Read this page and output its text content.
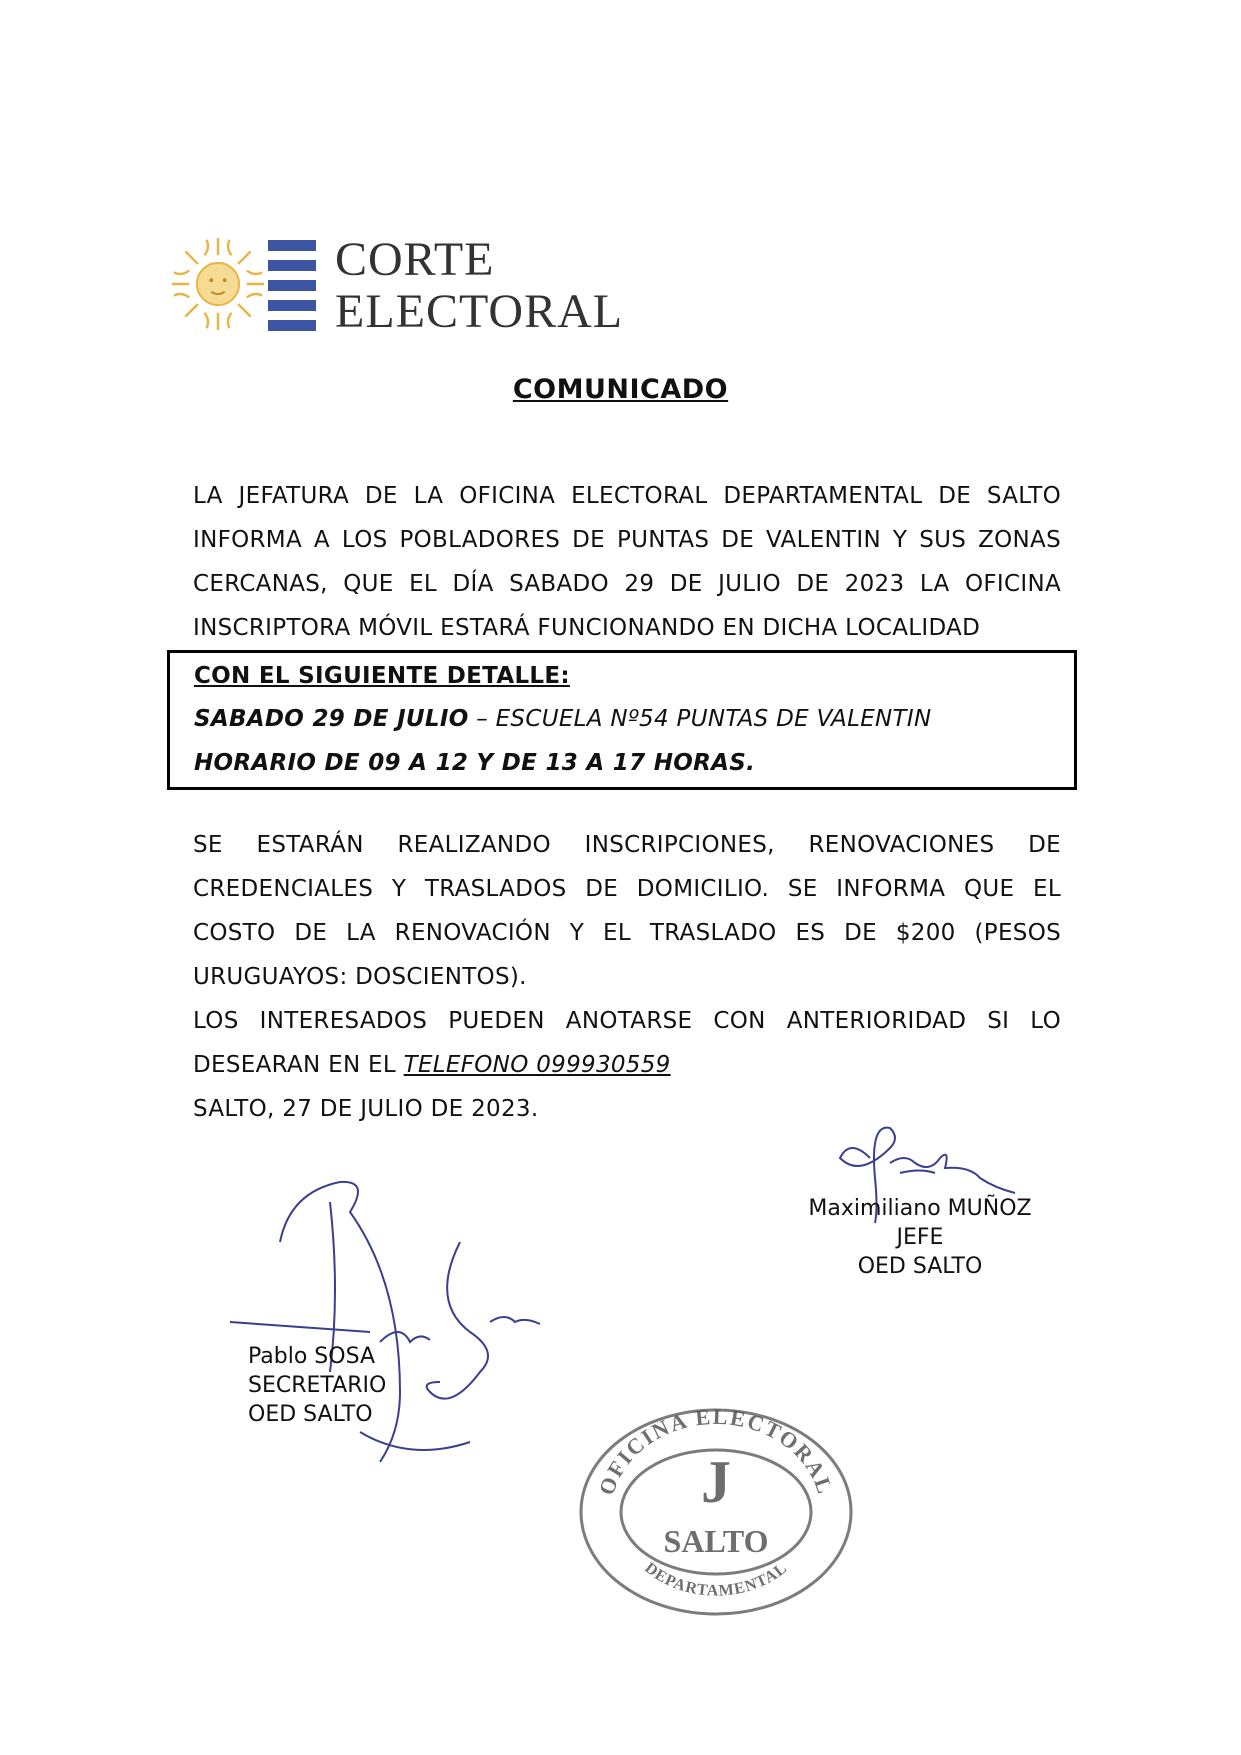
CORTE
ELECTORAL
COMUNICADO
LA JEFATURA DE LA OFICINA ELECTORAL DEPARTAMENTAL DE SALTO INFORMA A LOS POBLADORES DE PUNTAS DE VALENTIN Y SUS ZONAS CERCANAS, QUE EL DÍA SABADO 29 DE JULIO DE 2023 LA OFICINA INSCRIPTORA MÓVIL ESTARÁ FUNCIONANDO EN DICHA LOCALIDAD
CON EL SIGUIENTE DETALLE:
SABADO 29 DE JULIO – ESCUELA Nº54 PUNTAS DE VALENTIN
HORARIO DE 09 A 12 Y DE 13 A 17 HORAS.
SE ESTARÁN REALIZANDO INSCRIPCIONES, RENOVACIONES DE CREDENCIALES Y TRASLADOS DE DOMICILIO. SE INFORMA QUE EL COSTO DE LA RENOVACIÓN Y EL TRASLADO ES DE $200 (PESOS URUGUAYOS: DOSCIENTOS).
LOS INTERESADOS PUEDEN ANOTARSE CON ANTERIORIDAD SI LO DESEARAN EN EL TELEFONO 099930559
SALTO, 27 DE JULIO DE 2023.
Maximiliano MUÑOZ
JEFE
OED SALTO
Pablo SOSA
SECRETARIO
OED SALTO
OFICINA ELECTORAL
J
SALTO
DEPARTAMENTAL
